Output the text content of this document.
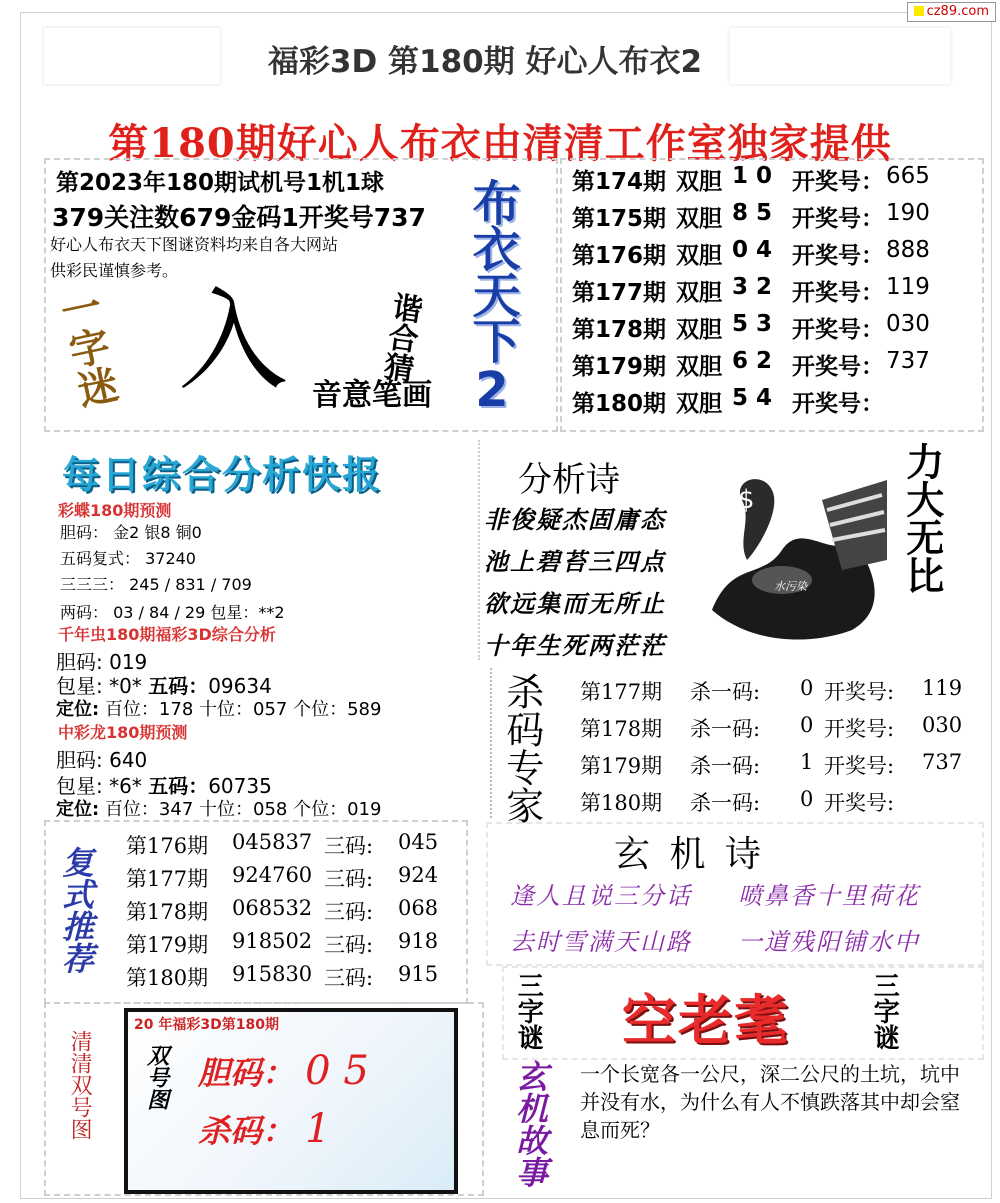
cz89.com
福彩3D 第180期 好心人布衣2
第180期好心人布衣由清清工作室独家提供
第2023年180期试机号1机1球
379关注数679金码1开奖号737
好心人布衣天下图谜资料均来自各大网站
供彩民谨慎参考。
一字迷 入	谐合猜
音意笔画 布衣天下2 第174期 双胆 1 0 开奖号： 665
第175期 双胆 8 5 开奖号： 190
第176期 双胆 0 4 开奖号： 888
第177期 双胆 3 2 开奖号： 119
第178期 双胆 5 3 开奖号： 030
第179期 双胆 6 2 开奖号： 737
第180期 双胆 5 4 开奖号：
每日综合分析快报
彩蝶180期预测
胆码： 金2 银8 铜0
五码复式： 37240
三三三： 245 / 831 / 709
两码： 03 / 84 / 29 包星：**2
千年虫180期福彩3D综合分析
胆码: 019
包星: *0* 五码：09634
定位: 百位：178 十位：057 个位：589
中彩龙180期预测
胆码: 640
包星: *6* 五码：60735
定位: 百位：347 十位：058 个位：019
分析诗
非俊疑杰固庸态
池上碧苔三四点
欲远集而无所止
十年生死两茫茫
$
水污染 力大无比
杀码专家 第177期 杀一码: 0 开奖号: 119
第178期 杀一码: 0 开奖号: 030
第179期 杀一码: 1 开奖号: 737
第180期 杀一码: 0 开奖号:
复式推荐 第176期 045837 三码: 045
第177期 924760 三码: 924
第178期 068532 三码: 068
第179期 918502 三码: 918
第180期 915830 三码: 915
玄 机 诗
逢人且说三分话 喷鼻香十里荷花
去时雪满天山路 一道残阳铺水中
清清双号图
20 年福彩3D第180期
双号图 胆码： 0 5
杀码： 1
三字谜 空老耄	三字谜
玄机故事 一个长宽各一公尺，深二公尺的土坑，坑中并没有水，为什么有人不慎跌落其中却会窒息而死？
